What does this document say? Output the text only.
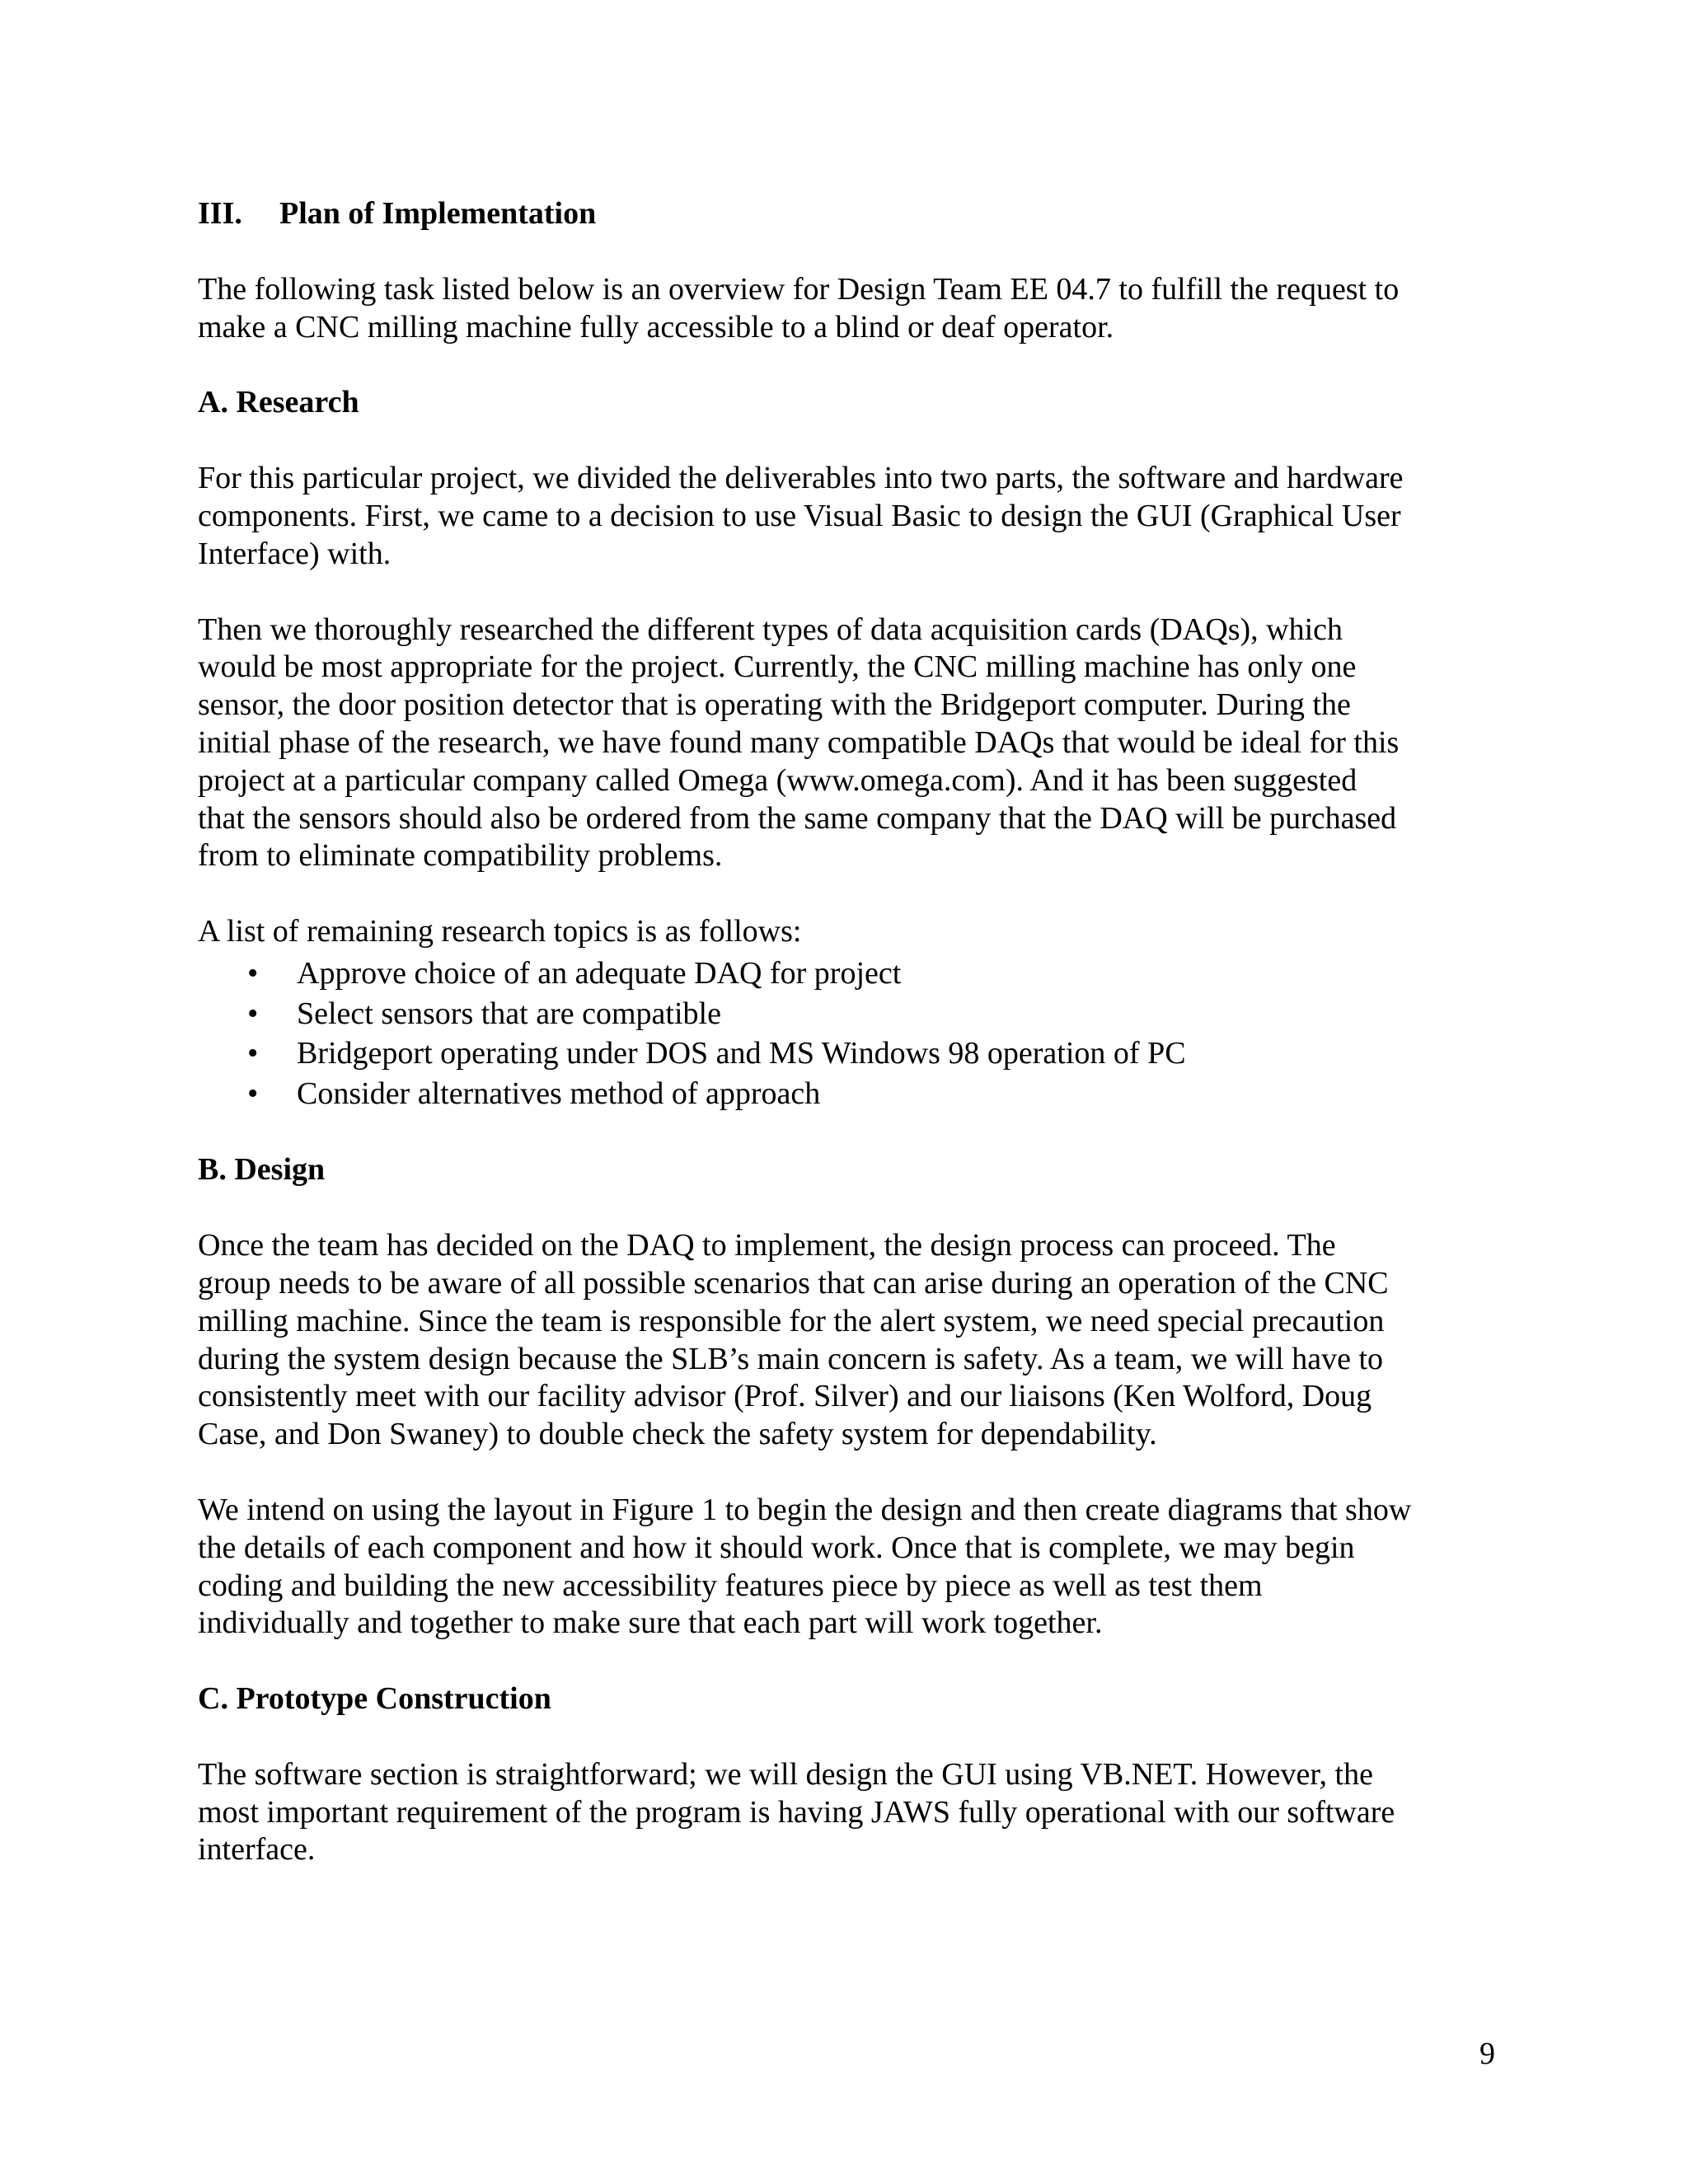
III. Plan of Implementation

The following task listed below is an overview for Design Team EE 04.7 to fulfill the request to
make a CNC milling machine fully accessible to a blind or deaf operator.

A. Research

For this particular project, we divided the deliverables into two parts, the software and hardware
components. First, we came to a decision to use Visual Basic to design the GUI (Graphical User
Interface) with.

Then we thoroughly researched the different types of data acquisition cards (DAQs), which
would be most appropriate for the project. Currently, the CNC milling machine has only one
sensor, the door position detector that is operating with the Bridgeport computer. During the
initial phase of the research, we have found many compatible DAQs that would be ideal for this
project at a particular company called Omega (www.omega.com). And it has been suggested
that the sensors should also be ordered from the same company that the DAQ will be purchased
from to eliminate compatibility problems.

A list of remaining research topics is as follows:

• Approve choice of an adequate DAQ for project
• Select sensors that are compatible
• Bridgeport operating under DOS and MS Windows 98 operation of PC
• Consider alternatives method of approach
B. Design

Once the team has decided on the DAQ to implement, the design process can proceed. The
group needs to be aware of all possible scenarios that can arise during an operation of the CNC
milling machine. Since the team is responsible for the alert system, we need special precaution
during the system design because the SLB’s main concern is safety. As a team, we will have to
consistently meet with our facility advisor (Prof. Silver) and our liaisons (Ken Wolford, Doug
Case, and Don Swaney) to double check the safety system for dependability.

We intend on using the layout in Figure 1 to begin the design and then create diagrams that show
the details of each component and how it should work. Once that is complete, we may begin
coding and building the new accessibility features piece by piece as well as test them
individually and together to make sure that each part will work together.

C. Prototype Construction

The software section is straightforward; we will design the GUI using VB.NET. However, the
most important requirement of the program is having JAWS fully operational with our software
interface.

9
